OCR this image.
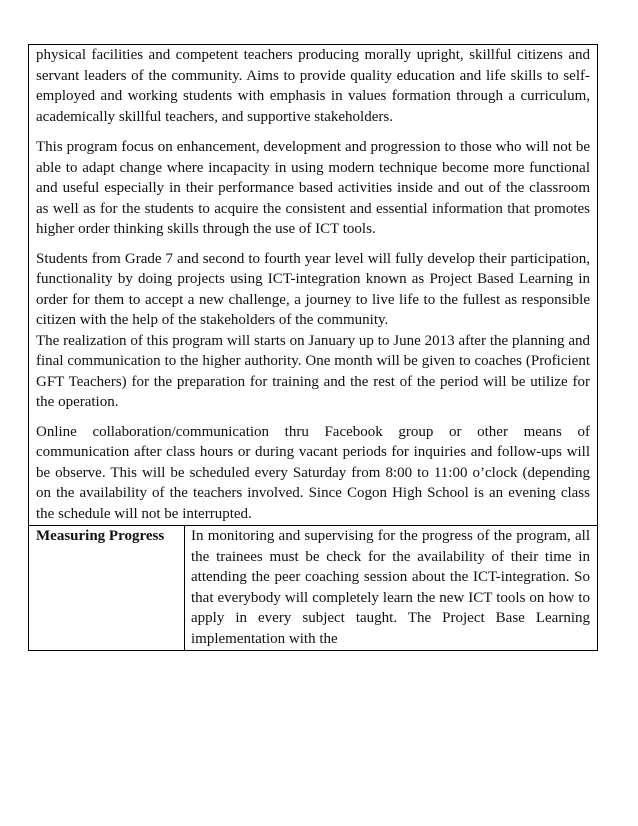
physical facilities and competent teachers producing morally upright, skillful citizens and servant leaders of the community. Aims to provide quality education and life skills to self-employed and working students with emphasis in values formation through a curriculum, academically skillful teachers, and supportive stakeholders.

This program focus on enhancement, development and progression to those who will not be able to adapt change where incapacity in using modern technique become more functional and useful especially in their performance based activities inside and out of the classroom as well as for the students to acquire the consistent and essential information that promotes higher order thinking skills through the use of ICT tools.

Students from Grade 7 and second to fourth year level will fully develop their participation, functionality by doing projects using ICT-integration known as Project Based Learning in order for them to accept a new challenge, a journey to live life to the fullest as responsible citizen with the help of the stakeholders of the community.

The realization of this program will starts on January up to June 2013 after the planning and final communication to the higher authority. One month will be given to coaches (Proficient GFT Teachers) for the preparation for training and the rest of the period will be utilize for the operation.

Online collaboration/communication thru Facebook group or other means of communication after class hours or during vacant periods for inquiries and follow-ups will be observe. This will be scheduled every Saturday from 8:00 to 11:00 o’clock (depending on the availability of the teachers involved. Since Cogon High School is an evening class the schedule will not be interrupted.

Measuring Progress	In monitoring and supervising for the progress of the program, all the trainees must be check for the availability of their time in attending the peer coaching session about the ICT-integration. So that everybody will completely learn the new ICT tools on how to apply in every subject taught. The Project Base Learning implementation with the
